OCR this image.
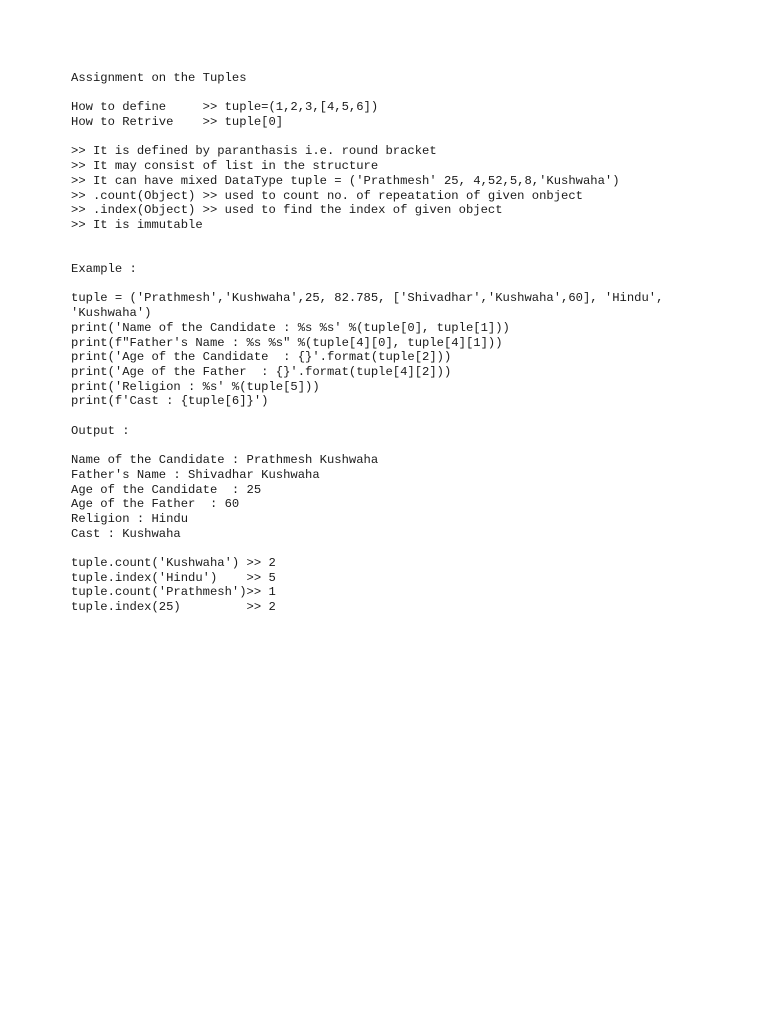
Assignment on the Tuples
How to define     >> tuple=(1,2,3,[4,5,6])
How to Retrive    >> tuple[0]
>> It is defined by paranthasis i.e. round bracket
>> It may consist of list in the structure
>> It can have mixed DataType tuple = ('Prathmesh' 25, 4,52,5,8,'Kushwaha')
>> .count(Object) >> used to count no. of repeatation of given onbject
>> .index(Object) >> used to find the index of given object
>> It is immutable
Example :
tuple = ('Prathmesh','Kushwaha',25, 82.785, ['Shivadhar','Kushwaha',60], 'Hindu',
'Kushwaha')
print('Name of the Candidate : %s %s' %(tuple[0], tuple[1]))
print(f"Father's Name : %s %s" %(tuple[4][0], tuple[4][1]))
print('Age of the Candidate  : {}'.format(tuple[2]))
print('Age of the Father  : {}'.format(tuple[4][2]))
print('Religion : %s' %(tuple[5]))
print(f'Cast : {tuple[6]}')
Output :
Name of the Candidate : Prathmesh Kushwaha
Father's Name : Shivadhar Kushwaha
Age of the Candidate  : 25
Age of the Father  : 60
Religion : Hindu
Cast : Kushwaha
tuple.count('Kushwaha') >> 2
tuple.index('Hindu')    >> 5
tuple.count('Prathmesh')>> 1
tuple.index(25)         >> 2
